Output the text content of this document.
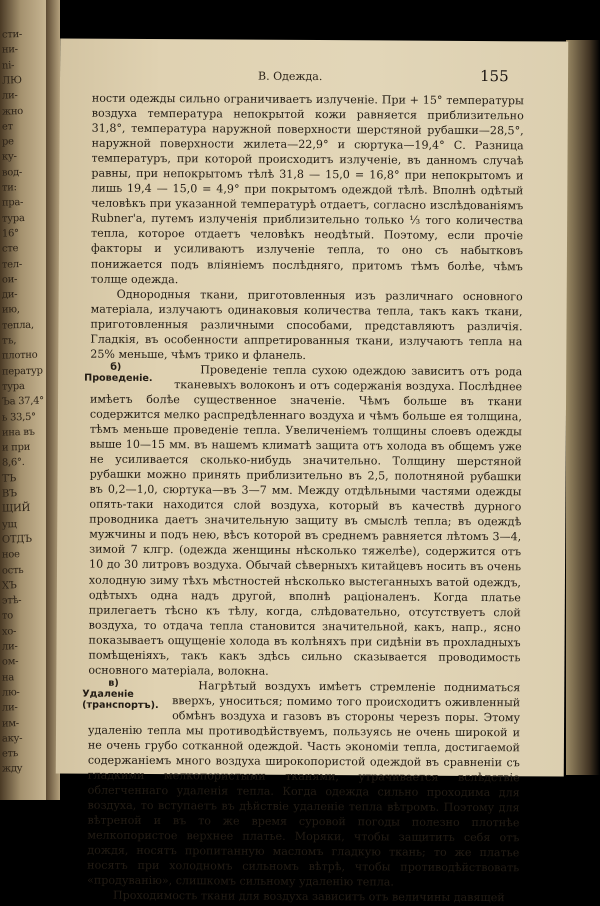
сти-
ни-
ni-
ЛЮ
ли-
жно
ет
ре
ку-
вод-
ти:
пра-
тура
16°
сте
тел-
ои-
ди-
ию,
тепла,
тъ,
плотно
ператур
тура
Ъа 37,4°
ь 33,5°
ина въ
и при
8,6°.
ТЪ
ВЪ
ЩИЙ
ущ
ОТДЪ
ное
ость
ХЪ
этѣ-
то
хо-
ли-
ом-
на
лю-
ли-
им-
аку-
еть
жду
В. Одежда.	155

ности одежды сильно ограничиваетъ излученіе. При + 15° температуры воздуха температура непокрытой кожи равняется приблизительно 31,8°, температура наружной поверхности шерстяной рубашки—28,5°, наружной поверхности жилета—22,9° и сюртука—19,4° С. Разница температуръ, при которой происходитъ излученіе, въ данномъ случаѣ равны, при непокрытомъ тѣлѣ 31,8 — 15,0 = 16,8° при непокрытомъ и лишь 19,4 — 15,0 = 4,9° при покрытомъ одеждой тѣлѣ. Вполнѣ одѣтый человѣкъ при указанной температурѣ отдаетъ, согласно изслѣдованіямъ Rubner'a, путемъ излученія приблизительно только ⅓ того количества тепла, которое отдаетъ человѣкъ неодѣтый. Поэтому, если прочіе факторы и усиливаютъ излученіе тепла, то оно съ набытковъ понижается подъ вліяніемъ послѣдняго, притомъ тѣмъ болѣе, чѣмъ толще одежда.

Однородныя ткани, приготовленныя изъ различнаго основного матеріала, излучаютъ одинаковыя количества тепла, такъ какъ ткани, приготовленныя различными способами, представляютъ различія. Гладкія, въ особенности аппретированныя ткани, излучаютъ тепла на 25% меньше, чѣмъ трико и фланель.

б) Проведеніе.
Проведеніе тепла сухою одеждою зависитъ отъ рода тканевыхъ волоконъ и отъ содержанія воздуха. Послѣднее имѣетъ болѣе существенное значеніе. Чѣмъ больше въ ткани содержится мелко распредѣленнаго воздуха и чѣмъ больше ея толщина, тѣмъ меньше проведеніе тепла. Увеличеніемъ толщины слоевъ одежды выше 10—15 мм. въ нашемъ климатѣ защита отъ холода въ общемъ уже не усиливается сколько-нибудь значительно. Толщину шерстяной рубашки можно принять приблизительно въ 2,5, полотняной рубашки въ 0,2—1,0, сюртука—въ 3—7 мм. Между отдѣльными частями одежды опять-таки находится слой воздуха, который въ качествѣ дурного проводника даетъ значительную защиту въ смыслѣ тепла; въ одеждѣ мужчины и подъ нею, вѣсъ которой въ среднемъ равняется лѣтомъ 3—4, зимой 7 клгр. (одежда женщины нѣсколько тяжелѣе), содержится отъ 10 до 30 литровъ воздуха. Обычай сѣверныхъ китайцевъ носить въ очень холодную зиму тѣхъ мѣстностей нѣсколько выстеганныхъ ватой одеждъ, одѣтыхъ одна надъ другой, вполнѣ раціоналенъ. Когда платье прилегаетъ тѣсно къ тѣлу, когда, слѣдовательно, отсутствуетъ слой воздуха, то отдача тепла становится значительной, какъ, напр., ясно показываетъ ощущеніе холода въ колѣняхъ при сидѣніи въ прохладныхъ помѣщеніяхъ, такъ какъ здѣсь сильно сказывается проводимость основного матеріала, волокна.

в) Удаленіе (транспортъ).
Нагрѣтый воздухъ имѣетъ стремленіе подниматься вверхъ, уноситься; помимо того происходитъ оживленный обмѣнъ воздуха и газовъ въ стороны черезъ поры. Этому удаленію тепла мы противодѣйствуемъ, пользуясь не очень широкой и не очень грубо сотканной одеждой. Часть экономіи тепла, достигаемой содержаніемъ много воздуха широкопористой одеждой въ сравненіи съ гладкими мелкопористыми тканями, утрачивается вслѣдствіе облегченнаго удаленія тепла. Когда одежда сильно проходима для воздуха, то вступаетъ въ дѣйствіе удаленіе тепла вѣтромъ. Поэтому для вѣтреной и въ то же время суровой погоды полезно плотнѣе мелкопористое верхнее платье. Моряки, чтобы защитить себя отъ дождя, носятъ пропитанную масломъ гладкую ткань; то же платье носятъ при холодномъ сильномъ вѣтрѣ, чтобы противодѣйствовать «продуванію», слишкомъ сильному удаленію тепла.

Проходимость ткани для воздуха зависитъ отъ величины давящей
